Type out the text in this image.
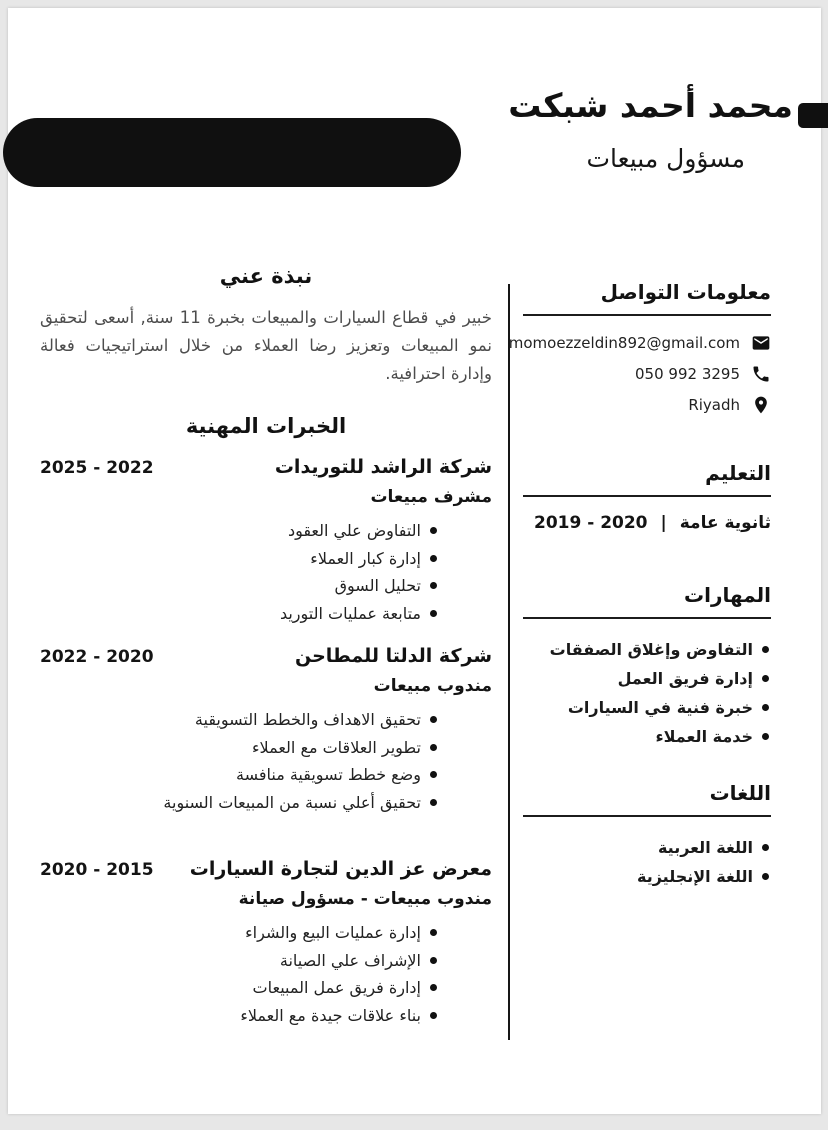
محمد أحمد شبكت
مسؤول مبيعات
معلومات التواصل
momoezzeldin892@gmail.com
050 992 3295
Riyadh
التعليم
ثانوية عامة
|
2019 - 2020
المهارات
التفاوض وإغلاق الصفقات
إدارة فريق العمل
خبرة فنية في السيارات
خدمة العملاء
اللغات
اللغة العربية
اللغة الإنجليزية
نبذة عني

خبير في قطاع السيارات والمبيعات بخبرة 11 سنة, أسعى لتحقيق نمو المبيعات وتعزيز رضا العملاء من خلال استراتيجيات فعالة وإدارة احترافية.

الخبرات المهنية
شركة الراشد للتوريدات
2025 - 2022
مشرف مبيعات
التفاوض علي العقود
إدارة كبار العملاء
تحليل السوق
متابعة عمليات التوريد
شركة الدلتا للمطاحن
2022 - 2020
مندوب مبيعات
تحقيق الاهداف والخطط التسويقية
تطوير العلاقات مع العملاء
وضع خطط تسويقية منافسة
تحقيق أعلي نسبة من المبيعات السنوية
معرض عز الدين لتجارة السيارات
2020 - 2015
مندوب مبيعات - مسؤول صيانة
إدارة عمليات البيع والشراء
الإشراف علي الصيانة
إدارة فريق عمل المبيعات
بناء علاقات جيدة مع العملاء
